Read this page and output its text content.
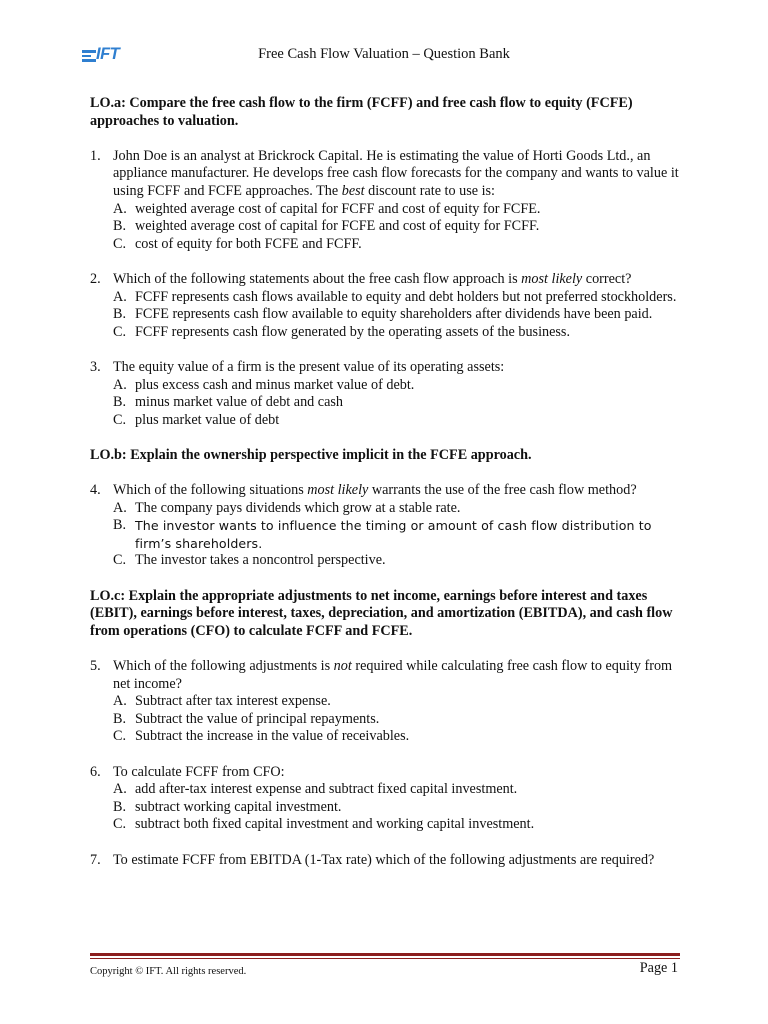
IFT	Free Cash Flow Valuation – Question Bank

LO.a: Compare the free cash flow to the firm (FCFF) and free cash flow to equity (FCFE) approaches to valuation.

1. John Doe is an analyst at Brickrock Capital. He is estimating the value of Horti Goods Ltd., an appliance manufacturer. He develops free cash flow forecasts for the company and wants to value it using FCFF and FCFE approaches. The best discount rate to use is:
A. weighted average cost of capital for FCFF and cost of equity for FCFE.
B. weighted average cost of capital for FCFE and cost of equity for FCFF.
C. cost of equity for both FCFE and FCFF.
2. Which of the following statements about the free cash flow approach is most likely correct?
A. FCFF represents cash flows available to equity and debt holders but not preferred stockholders.
B. FCFE represents cash flow available to equity shareholders after dividends have been paid.
C. FCFF represents cash flow generated by the operating assets of the business.
3. The equity value of a firm is the present value of its operating assets:
A. plus excess cash and minus market value of debt.
B. minus market value of debt and cash
C. plus market value of debt

LO.b: Explain the ownership perspective implicit in the FCFE approach.

4. Which of the following situations most likely warrants the use of the free cash flow method?
A. The company pays dividends which grow at a stable rate.
B. The investor wants to influence the timing or amount of cash flow distribution to firm’s shareholders.
C. The investor takes a noncontrol perspective.

LO.c: Explain the appropriate adjustments to net income, earnings before interest and taxes (EBIT), earnings before interest, taxes, depreciation, and amortization (EBITDA), and cash flow from operations (CFO) to calculate FCFF and FCFE.

5. Which of the following adjustments is not required while calculating free cash flow to equity from net income?
A. Subtract after tax interest expense.
B. Subtract the value of principal repayments.
C. Subtract the increase in the value of receivables.
6. To calculate FCFF from CFO:
A. add after-tax interest expense and subtract fixed capital investment.
B. subtract working capital investment.
C. subtract both fixed capital investment and working capital investment.
7. To estimate FCFF from EBITDA (1-Tax rate) which of the following adjustments are required?
Copyright © IFT. All rights reserved.	Page 1
